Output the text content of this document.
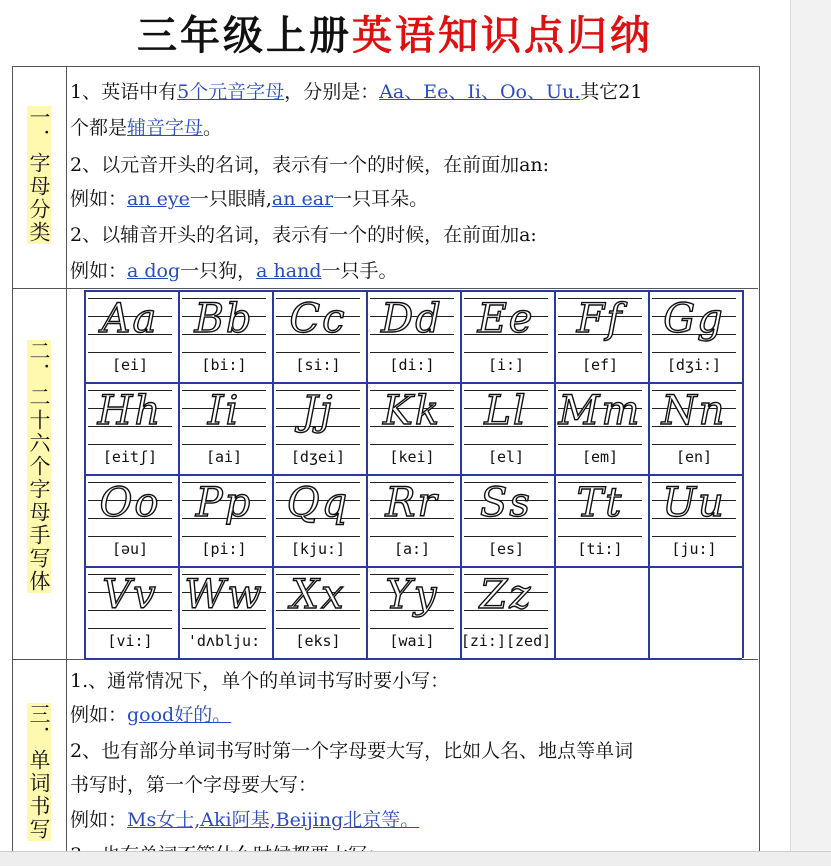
三年级上册英语知识点归纳
一．字母分类
二．二十六个字母手写体
三．单词书写
1、英语中有5个元音字母，分别是：Aa、Ee、Ii、Oo、Uu.其它21
个都是辅音字母。
2、以元音开头的名词，表示有一个的时候，在前面加an:
例如：an eye一只眼睛,an ear一只耳朵。
2、以辅音开头的名词，表示有一个的时候，在前面加a:
例如：a dog一只狗，a hand一只手。
Aa
[ei]
Bb
[bi:]
Cc
[si:]
Dd
[di:]
Ee
[i:]
Ff
[ef]
Gg
[dʒi:]
Hh
[eitʃ]
Ii
[ai]
Jj
[dʒei]
Kk
[kei]
Ll
[el]
Mm
[em]
Nn
[en]
Oo
[əu]
Pp
[pi:]
Qq
[kju:]
Rr
[a:]
Ss
[es]
Tt
[ti:]
Uu
[ju:]
Vv
[vi:]
Ww
'dʌblju:
Xx
[eks]
Yy
[wai]
Zz
[zi:][zed]
1.、通常情况下，单个的单词书写时要小写：
例如：good好的。
2、也有部分单词书写时第一个字母要大写，比如人名、地点等单词
书写时，第一个字母要大写：
例如：Ms女士,Aki阿基,Beijing北京等。
